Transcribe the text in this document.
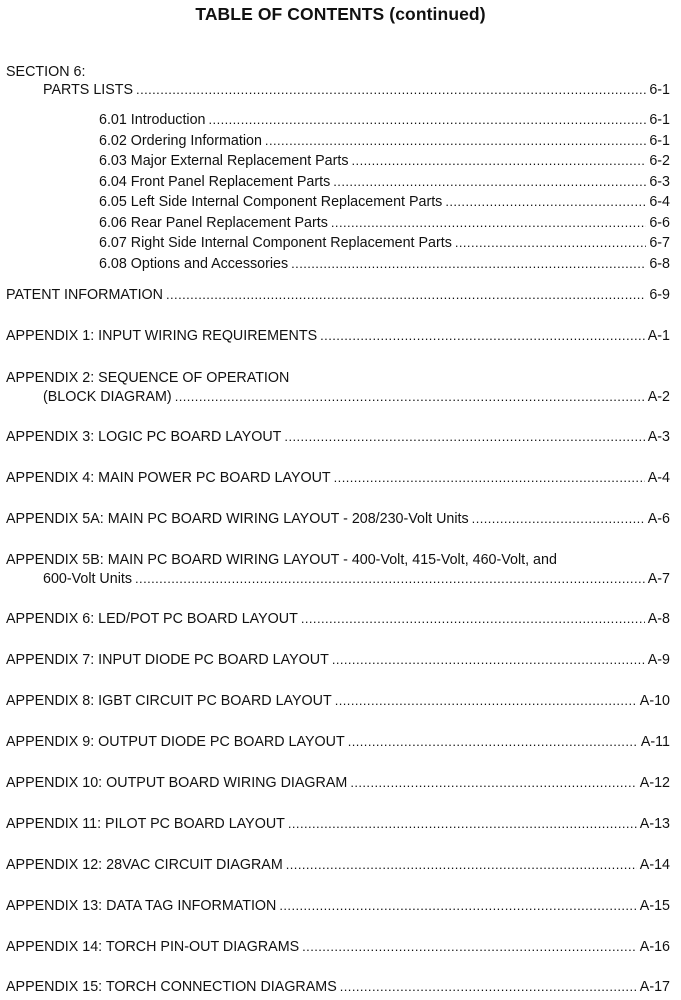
TABLE OF CONTENTS (continued)
SECTION 6:
PARTS LISTS . . .	6-1
6.01 Introduction . . .	6-1
6.02 Ordering Information . . .	6-1
6.03 Major External Replacement Parts . . .	6-2
6.04 Front Panel Replacement Parts . . .	6-3
6.05 Left Side Internal Component Replacement Parts . . .	6-4
6.06 Rear Panel Replacement Parts . . .	6-6
6.07 Right Side Internal Component Replacement Parts . . .	6-7
6.08 Options and Accessories . . .	6-8
PATENT INFORMATION . . .	6-9
APPENDIX 1: INPUT WIRING REQUIREMENTS . . .	A-1
APPENDIX 2: SEQUENCE OF OPERATION
(BLOCK DIAGRAM) . . .	A-2
APPENDIX 3: LOGIC PC BOARD LAYOUT . . .	A-3
APPENDIX 4: MAIN POWER PC BOARD LAYOUT . . .	A-4
APPENDIX 5A: MAIN PC BOARD WIRING LAYOUT - 208/230-Volt Units . . .	A-6
APPENDIX 5B: MAIN PC BOARD WIRING LAYOUT - 400-Volt, 415-Volt, 460-Volt, and
600-Volt Units . . .	A-7
APPENDIX 6: LED/POT PC BOARD LAYOUT . . .	A-8
APPENDIX 7: INPUT DIODE PC BOARD LAYOUT . . .	A-9
APPENDIX 8: IGBT CIRCUIT PC BOARD LAYOUT . . .	A-10
APPENDIX 9: OUTPUT DIODE PC BOARD LAYOUT . . .	A-11
APPENDIX 10: OUTPUT BOARD WIRING DIAGRAM . . .	A-12
APPENDIX 11: PILOT PC BOARD LAYOUT . . .	A-13
APPENDIX 12: 28VAC CIRCUIT DIAGRAM . . .	A-14
APPENDIX 13: DATA TAG INFORMATION . . .	A-15
APPENDIX 14: TORCH PIN-OUT DIAGRAMS . . .	A-16
APPENDIX 15: TORCH CONNECTION DIAGRAMS . . .	A-17
